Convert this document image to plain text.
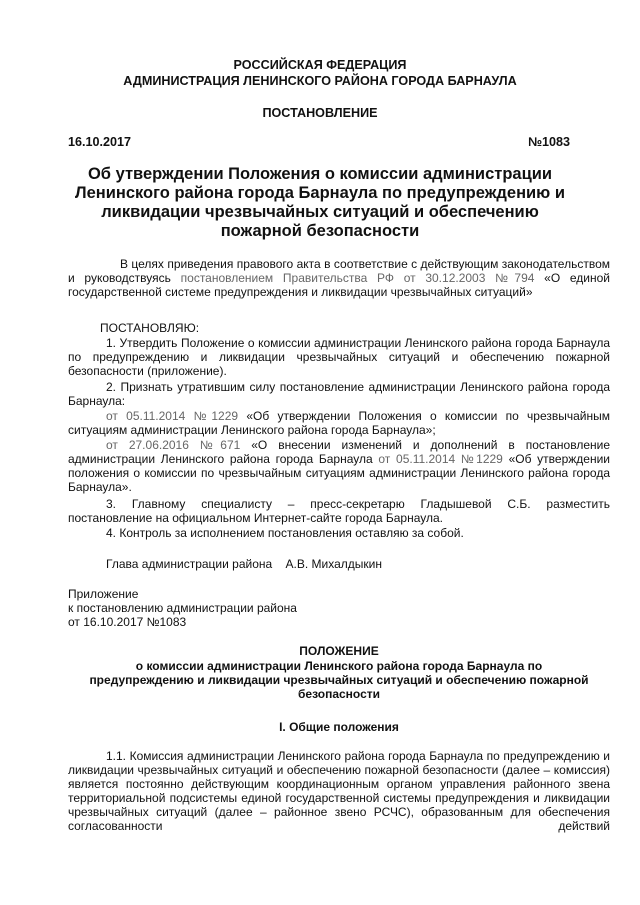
РОССИЙСКАЯ ФЕДЕРАЦИЯ
АДМИНИСТРАЦИЯ ЛЕНИНСКОГО РАЙОНА ГОРОДА БАРНАУЛА
ПОСТАНОВЛЕНИЕ
16.10.2017	№1083
Об утверждении Положения о комиссии администрации
Ленинского района города Барнаула по предупреждению и
ликвидации чрезвычайных ситуаций и обеспечению
пожарной безопасности

В целях приведения правового акта в соответствие с действующим законодательством и руководствуясь постановлением Правительства РФ от 30.12.2003 №794 «О единой государственной системе предупреждения и ликвидации чрезвычайных ситуаций»

ПОСТАНОВЛЯЮ:

1. Утвердить Положение о комиссии администрации Ленинского района города Барнаула по предупреждению и ликвидации чрезвычайных ситуаций и обеспечению пожарной безопасности (приложение).

2. Признать утратившим силу постановление администрации Ленинского района города Барнаула:

от 05.11.2014 №1229 «Об утверждении Положения о комиссии по чрезвычайным ситуациям администрации Ленинского района города Барнаула»;

от 27.06.2016 №671 «О внесении изменений и дополнений в постановление администрации Ленинского района города Барнаула от 05.11.2014 №1229 «Об утверждении положения о комиссии по чрезвычайным ситуациям администрации Ленинского района города Барнаула».

3. Главному специалисту – пресс-секретарю Гладышевой С.Б. разместить постановление на официальном Интернет-сайте города Барнаула.

4. Контроль за исполнением постановления оставляю за собой.

Глава администрации района    А.В. Михалдыкин
Приложение
к постановлению администрации района
от 16.10.2017 №1083
ПОЛОЖЕНИЕ
о комиссии администрации Ленинского района города Барнаула по
предупреждению и ликвидации чрезвычайных ситуаций и обеспечению пожарной
безопасности
I. Общие положения

1.1. Комиссия администрации Ленинского района города Барнаула по предупреждению и ликвидации чрезвычайных ситуаций и обеспечению пожарной безопасности (далее – комиссия) является постоянно действующим координационным органом управления районного звена территориальной подсистемы единой государственной системы предупреждения и ликвидации чрезвычайных ситуаций (далее – районное звено РСЧС), образованным для обеспечения согласованности действий
